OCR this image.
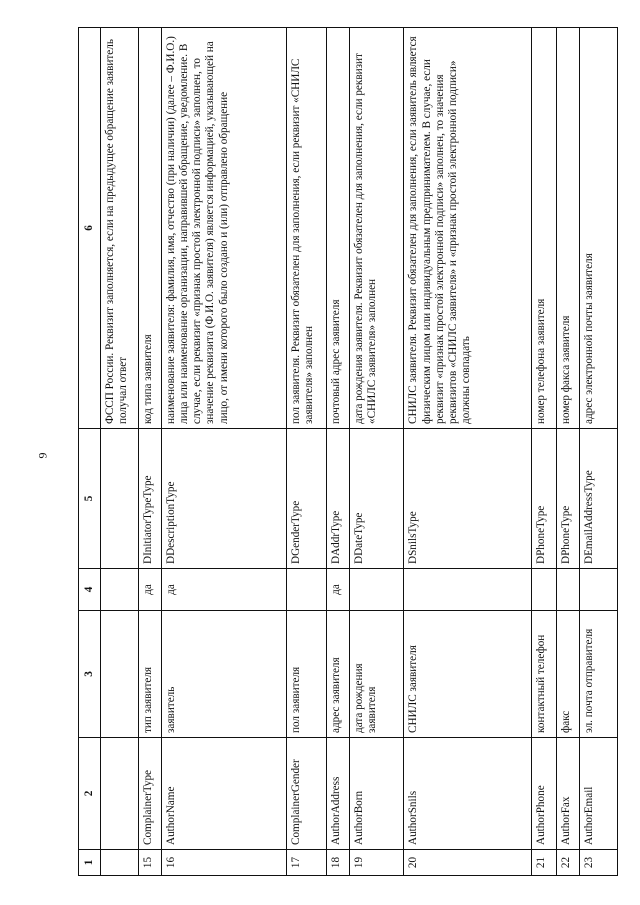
9
1	2	3	4	5	6
					ФССП России. Реквизит заполняется, если на предыдущее обращение заявитель получал ответ
15	ComplainerType	тип заявителя	да	DInitiatorTypeType	код типа заявителя
16	AuthorName	заявитель	да	DDescriptionType	наименование заявителя: фамилия, имя, отчество (при наличии) (далее – Ф.И.О.) лица или наименование организации, направившей обращение, уведомление. В случае, если реквизит «признак простой электронной подписи» заполнен, то значение реквизита (Ф.И.О. заявителя) является информацией, указывающей на лицо, от имени которого было создано и (или) отправлено обращение
17	ComplainerGender	пол заявителя		DGenderType	пол заявителя. Реквизит обязателен для заполнения, если реквизит «СНИЛС заявителя» заполнен
18	AuthorAddress	адрес заявителя	да	DAddrType	почтовый адрес заявителя
19	AuthorBorn	дата рождения заявителя		DDateType	дата рождения заявителя. Реквизит обязателен для заполнения, если реквизит «СНИЛС заявителя» заполнен
20	AuthorSnils	СНИЛС заявителя		DSnilsType	СНИЛС заявителя. Реквизит обязателен для заполнения, если заявитель является физическим лицом или индивидуальным предпринимателем. В случае, если реквизит «признак простой электронной подписи» заполнен, то значения реквизитов «СНИЛС заявителя» и «признак простой электронной подписи» должны совпадать
21	AuthorPhone	контактный телефон		DPhoneType	номер телефона заявителя
22	AuthorFax	факс		DPhoneType	номер факса заявителя
23	AuthorEmail	эл. почта отправителя		DEmailAddressType	адрес электронной почты заявителя
